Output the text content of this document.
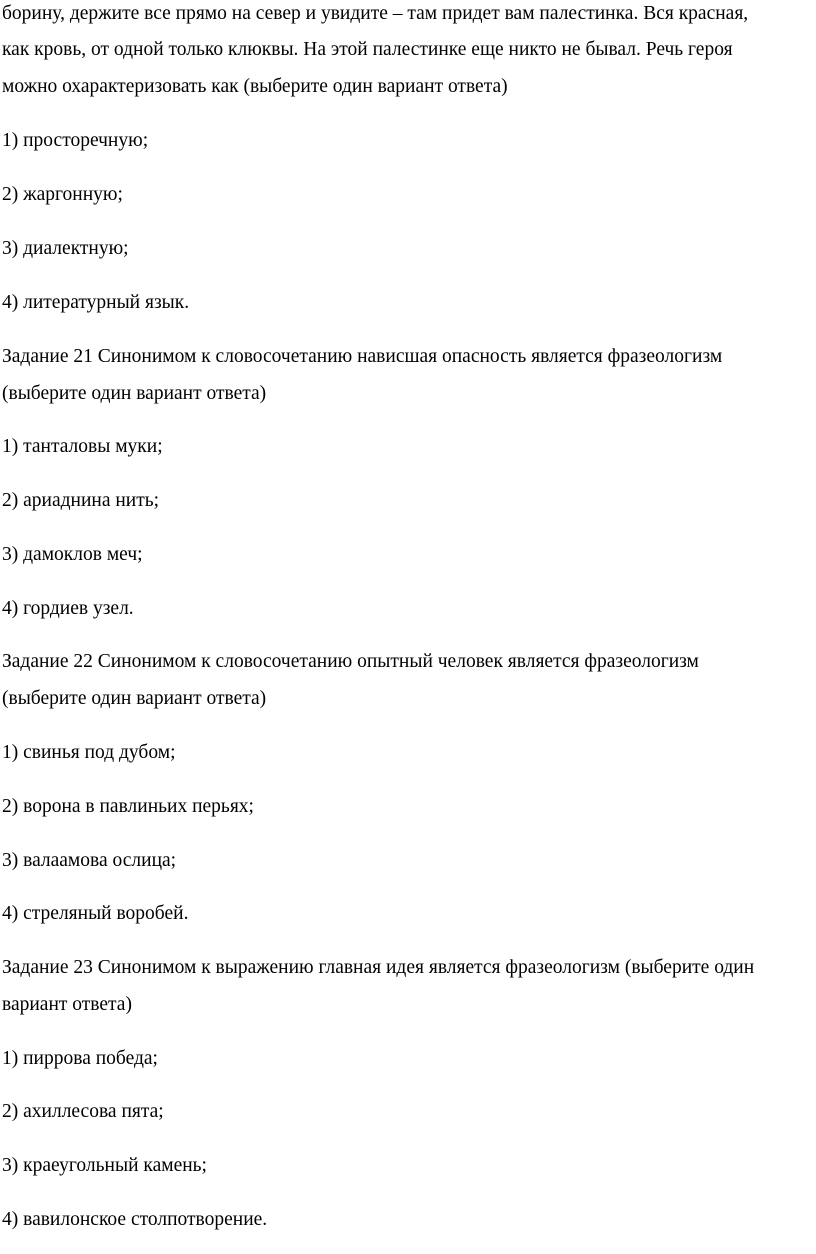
борину, держите все прямо на север и увидите – там придет вам палестинка. Вся красная,
как кровь, от одной только клюквы. На этой палестинке еще никто не бывал. Речь героя
можно охарактеризовать как (выберите один вариант ответа)
1) просторечную;
2) жаргонную;
3) диалектную;
4) литературный язык.
Задание 21 Синонимом к словосочетанию нависшая опасность является фразеологизм
(выберите один вариант ответа)
1) танталовы муки;
2) ариаднина нить;
3) дамоклов меч;
4) гордиев узел.
Задание 22 Синонимом к словосочетанию опытный человек является фразеологизм
(выберите один вариант ответа)
1) свинья под дубом;
2) ворона в павлиньих перьях;
3) валаамова ослица;
4) стреляный воробей.
Задание 23 Синонимом к выражению главная идея является фразеологизм (выберите один
вариант ответа)
1) пиррова победа;
2) ахиллесова пята;
3) краеугольный камень;
4) вавилонское столпотворение.
